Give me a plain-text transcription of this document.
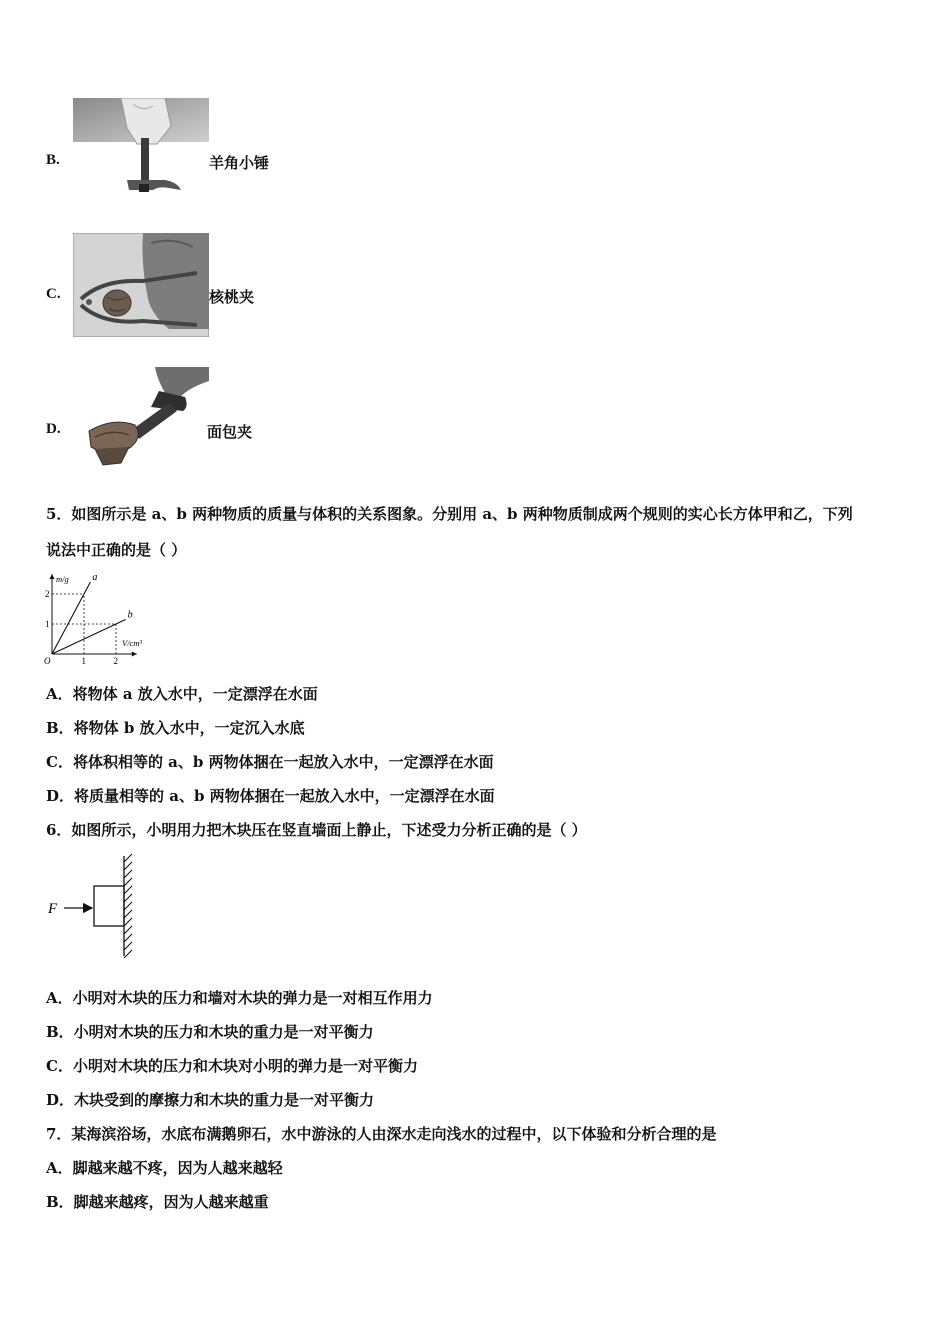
B.	羊角小锤
C.	核桃夹
D.	面包夹
5．如图所示是 a、b 两种物质的质量与体积的关系图象。分别用 a、b 两种物质制成两个规则的实心长方体甲和乙，下列
说法中正确的是（ ）
a
b
1	2
1
2
O
m/g
V/cm³
A．将物体 a 放入水中，一定漂浮在水面
B．将物体 b 放入水中，一定沉入水底
C．将体积相等的 a、b 两物体捆在一起放入水中，一定漂浮在水面
D．将质量相等的 a、b 两物体捆在一起放入水中，一定漂浮在水面
6．如图所示，小明用力把木块压在竖直墙面上静止，下述受力分析正确的是（ ）
F
A．小明对木块的压力和墙对木块的弹力是一对相互作用力
B．小明对木块的压力和木块的重力是一对平衡力
C．小明对木块的压力和木块对小明的弹力是一对平衡力
D．木块受到的摩擦力和木块的重力是一对平衡力
7．某海滨浴场，水底布满鹅卵石，水中游泳的人由深水走向浅水的过程中，以下体验和分析合理的是
A．脚越来越不疼，因为人越来越轻
B．脚越来越疼，因为人越来越重
